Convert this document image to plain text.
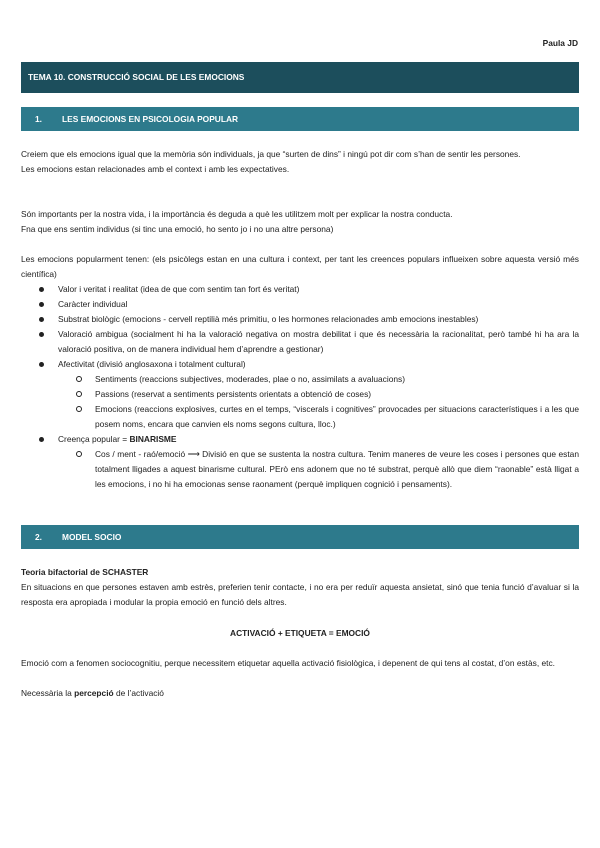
Paula JD
TEMA 10. CONSTRUCCIÓ SOCIAL DE LES EMOCIONS
1. LES EMOCIONS EN PSICOLOGIA POPULAR
Creiem que els emocions igual que la memòria són individuals, ja que “surten de dins” i ningú pot dir com s’han de sentir les persones.
Les emocions estan relacionades amb el context i amb les expectatives.
Són importants per la nostra vida, i la importància és deguda a què les utilitzem molt per explicar la nostra conducta.
Fna que ens sentim individus (si tinc una emoció, ho sento jo i no una altre persona)
Les emocions popularment tenen: (els psicòlegs estan en una cultura i context, per tant les creences populars influeixen sobre aquesta versió més científica)
Valor i veritat i realitat (idea de que com sentim tan fort és veritat)
Caràcter individual
Substrat biològic (emocions - cervell reptilià més primitiu, o les hormones relacionades amb emocions inestables)
Valoració ambigua (socialment hi ha la valoració negativa on mostra debilitat i que és necessària la racionalitat, però també hi ha ara la valoració positiva, on de manera individual hem d’aprendre a gestionar)
Afectivitat (divisió anglosaxona i totalment cultural)
Sentiments (reaccions subjectives, moderades, plae o no, assimilats a avaluacions)
Passions (reservat a sentiments persistents orientats a obtenció de coses)
Emocions (reaccions explosives, curtes en el temps, “viscerals i cognitives” provocades per situacions característiques i a les que posem noms, encara que canvien els noms segons cultura, lloc.)
Creença popular = BINARISME
Cos / ment - raó/emoció ⟶ Divisió en que se sustenta la nostra cultura. Tenim maneres de veure les coses i persones que estan totalment lligades a aquest binarisme cultural. PErò ens adonem que no té substrat, perquè allò que diem “raonable” està lligat a les emocions, i no hi ha emocionas sense raonament (perquè impliquen cognició i pensaments).
2. MODEL SOCIO
Teoria bifactorial de SCHASTER
En situacions en que persones estaven amb estrès, preferien tenir contacte, i no era per reduïr aquesta ansietat, sinó que tenia funció d’avaluar si la resposta era apropiada i modular la propia emoció en funció dels altres.
ACTIVACIÓ + ETIQUETA = EMOCIÓ
Emoció com a fenomen sociocognitiu, perque necessitem etiquetar aquella activació fisiològica, i depenent de qui tens al costat, d’on estàs, etc.
Necessària la percepció de l’activació
